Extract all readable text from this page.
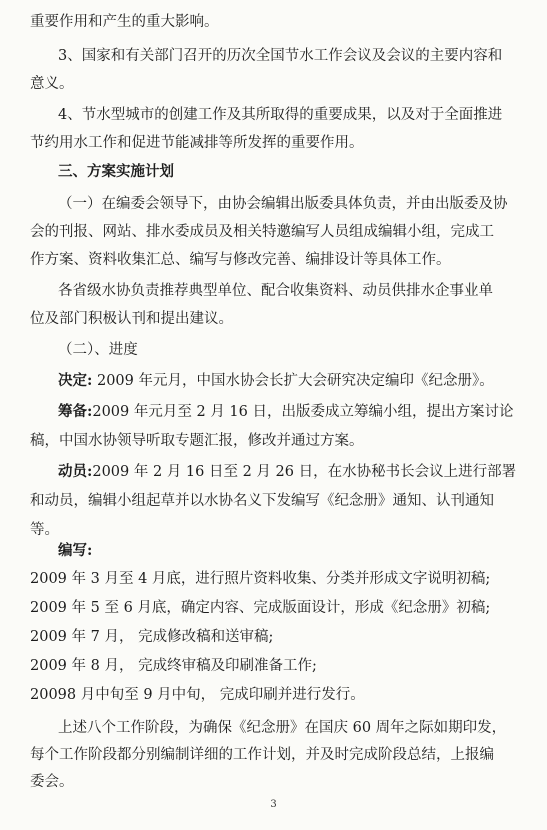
重要作用和产生的重大影响。
3、国家和有关部门召开的历次全国节水工作会议及会议的主要内容和
意义。
4、节水型城市的创建工作及其所取得的重要成果，以及对于全面推进
节约用水工作和促进节能减排等所发挥的重要作用。
三、方案实施计划
（一）在编委会领导下，由协会编辑出版委具体负责，并由出版委及协
会的刊报、网站、排水委成员及相关特邀编写人员组成编辑小组，完成工
作方案、资料收集汇总、编写与修改完善、编排设计等具体工作。
各省级水协负责推荐典型单位、配合收集资料、动员供排水企事业单
位及部门积极认刊和提出建议。
（二）、进度
决定: 2009 年元月，中国水协会长扩大会研究决定编印《纪念册》。
筹备:2009 年元月至 2 月 16 日，出版委成立筹编小组，提出方案讨论
稿，中国水协领导听取专题汇报，修改并通过方案。
动员:2009 年 2 月 16 日至 2 月 26 日，在水协秘书长会议上进行部署
和动员，编辑小组起草并以水协名义下发编写《纪念册》通知、认刊通知
等。
编写:
2009 年 3 月至 4 月底，进行照片资料收集、分类并形成文字说明初稿;
2009 年 5 至 6 月底，确定内容、完成版面设计，形成《纪念册》初稿;
2009 年 7 月， 完成修改稿和送审稿;
2009 年 8 月， 完成终审稿及印刷准备工作;
20098 月中旬至 9 月中旬， 完成印刷并进行发行。
上述八个工作阶段，为确保《纪念册》在国庆 60 周年之际如期印发，
每个工作阶段都分别编制详细的工作计划，并及时完成阶段总结，上报编
3
委会。
